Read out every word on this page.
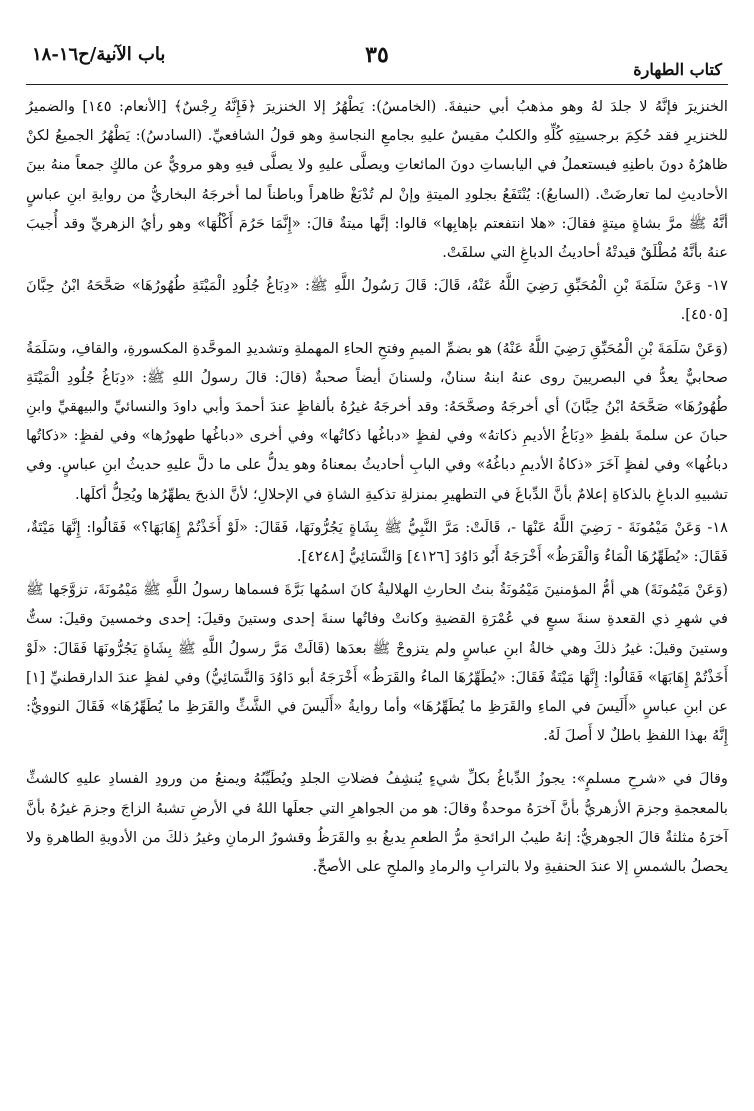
باب الآنية/ح١٦-١٨	٣٥
كتاب الطهارة

الخنزيرَ فإنَّهُ لا جلدَ لهُ وهو مذهبُ أبي حنيفةَ. (الخامسُ): يَطْهُرُ إلا الخنزيرَ ﴿فَإِنَّهُ رِجْسٌ﴾ [الأنعام: ١٤٥] والضميرُ للخنزيرِ فقد حُكِمَ برجسيتِهِ كُلِّهِ والكلبُ مقيسٌ عليهِ بجامعِ النجاسةِ وهو قولُ الشافعيِّ. (السادسُ): يَطْهُرُ الجميعُ لكنْ ظاهرُهُ دونَ باطنِهِ فيستعملُ في اليابساتِ دونَ المائعاتِ ويصلَّى عليهِ ولا يصلَّى فيهِ وهو مرويٌّ عن مالكٍ جمعاً منهُ بينَ الأحاديثِ لما تعارضَتْ. (السابعُ): يُنْتَفَعُ بجلودِ الميتةِ وإنْ لم تُدْبَغْ ظاهراً وباطناً لما أخرجَهُ البخاريُّ من روايةِ ابنِ عباسٍ أنَّهُ ﷺ مرَّ بشاةٍ ميتةٍ فقالَ: «هلا انتفعتم بإهابِها» قالوا: إنَّها ميتةٌ قالَ: «إِنَّمَا حَرُمَ أَكْلُهَا» وهو رأيُ الزهريِّ وقد أُجيبَ عنهُ بأنَّهُ مُطْلَقٌ قيدتْهُ أحاديثُ الدباغِ التي سلفَتْ.

١٧- وَعَنْ سَلَمَةَ بْنِ الْمُحَبِّقِ رَضِيَ اللَّهُ عَنْهُ، قَالَ: قَالَ رَسُولُ اللَّهِ ﷺ: «دِبَاغُ جُلُودِ الْمَيْتَةِ طُهُورُهَا» صَحَّحَهُ ابْنُ حِبَّانَ [٤٥٠٥].

(وَعَنْ سَلَمَةَ بْنِ الْمُحَبِّقِ رَضِيَ اللَّهُ عَنْهُ) هو بضمِّ الميمِ وفتحِ الحاءِ المهملةِ وتشديدِ الموحَّدةِ المكسورةِ، والقافِ، وسَلَمَةُ صحابيٌّ يعدُّ في البصريينَ روى عنهُ ابنهُ سنانٌ، ولسنانَ أيضاً صحبةٌ (قالَ: قالَ رسولُ اللهِ ﷺ: «دِبَاغُ جُلُودِ الْمَيْتَةِ طُهُورُهَا» صَحَّحَهُ ابْنُ حِبَّانَ) أي أخرجَهُ وصحَّحَهُ: وقد أخرجَهُ غيرُهُ بألفاظٍ عندَ أحمدَ وأبي داودَ والنسائيِّ والبيهقيِّ وابنِ حبانَ عن سلمةَ بلفظِ «دِبَاغُ الأديمِ ذكاتهُ» وفي لفظٍ «دباغُها ذكاتُها» وفي أخرى «دباغُها طهورُها» وفي لفظٍ: «ذكاتُها دباغُها» وفي لفظٍ آخَرَ «ذكاةُ الأديمِ دباغُهُ» وفي البابِ أحاديثُ بمعناهُ وهو يدلُّ على ما دلَّ عليهِ حديثُ ابنِ عباسٍ. وفي تشبيهِ الدباغِ بالذكاةِ إعلامٌ بأنَّ الدِّباغَ في التطهيرِ بمنزلةِ تذكيةِ الشاةِ في الإحلالِ؛ لأنَّ الذبحَ يطهِّرُها ويُحِلُّ أكلَها.

١٨- وَعَنْ مَيْمُونَةَ - رَضِيَ اللَّهُ عَنْهَا -، قَالَتْ: مَرَّ النَّبِيُّ ﷺ بِشَاةٍ يَجُرُّونَهَا، فَقَالَ: «لَوْ أَخَذْتُمْ إِهَابَهَا؟» فَقَالُوا: إِنَّهَا مَيْتَةٌ، فَقَالَ: «يُطَهِّرُهَا الْمَاءُ وَالْقَرَظُ» أَخْرَجَهُ أَبُو دَاوُدَ [٤١٢٦] وَالنَّسَائِيُّ [٤٢٤٨].

(وَعَنْ مَيْمُونَةَ) هي أمُّ المؤمنينَ مَيْمُونَةُ بنتُ الحارثِ الهلاليةُ كانَ اسمُها بَرَّةَ فسماها رسولُ اللَّهِ ﷺ مَيْمُونَةَ، تزوَّجَها ﷺ في شهرِ ذي القعدةِ سنةَ سبعٍ في عُمْرَةِ القضيةِ وكانتْ وفاتُها سنةَ إحدى وستينَ وقيلَ: إحدى وخمسينَ وقيلَ: ستٌّ وستينَ وقيلَ: غيرُ ذلكَ وهي خالةُ ابنِ عباسٍ ولم يتزوجْ ﷺ بعدَها (قَالَتْ مَرَّ رسولُ اللَّهِ ﷺ بِشَاةٍ يَجُرُّونَهَا فَقَالَ: «لَوْ أَخَذْتُمْ إِهَابَهَا» فَقَالُوا: إِنَّهَا مَيْتَةٌ فَقَالَ: «يُطَهِّرُهَا الماءُ والقَرَظُ» أَخْرَجَهُ أبو دَاوُدَ وَالنَّسَائِيُّ) وفي لفظٍ عندَ الدارقطنيِّ [١] عن ابنِ عباسٍ «أَلَيسَ في الماءِ والقَرَظِ ما يُطَهِّرُهَا» وأما روايةُ «أَلَيسَ في الشَّثِّ والقَرَظِ ما يُطَهِّرُهَا» فَقَالَ النوويُّ: إِنَّهُ بهذا اللفظِ باطلٌ لا أَصلَ لَهُ.

وقالَ في «شرحِ مسلمٍ»: يجوزُ الدِّباغُ بكلِّ شيءٍ يُنشِفُ فضلاتِ الجلدِ ويُطَيِّبُهُ ويمنعُ من ورودِ الفسادِ عليهِ كالشثِّ بالمعجمةِ وجزمَ الأزهريُّ بأنَّ آخرَهُ موحدةٌ وقالَ: هو من الجواهرِ التي جعلَها اللهُ في الأرضِ تشبهُ الزاجَ وجزمَ غيرُهُ بأنَّ آخرَهُ مثلثةٌ قالَ الجوهريُّ: إنهُ طيبُ الرائحةِ مرُّ الطعمِ يدبغُ بهِ والقَرَظُ وقشورُ الرمانِ وغيرُ ذلكَ من الأدويةِ الطاهرةِ ولا يحصلُ بالشمسِ إلا عندَ الحنفيةِ ولا بالترابِ والرمادِ والملحِ على الأصحِّ.
